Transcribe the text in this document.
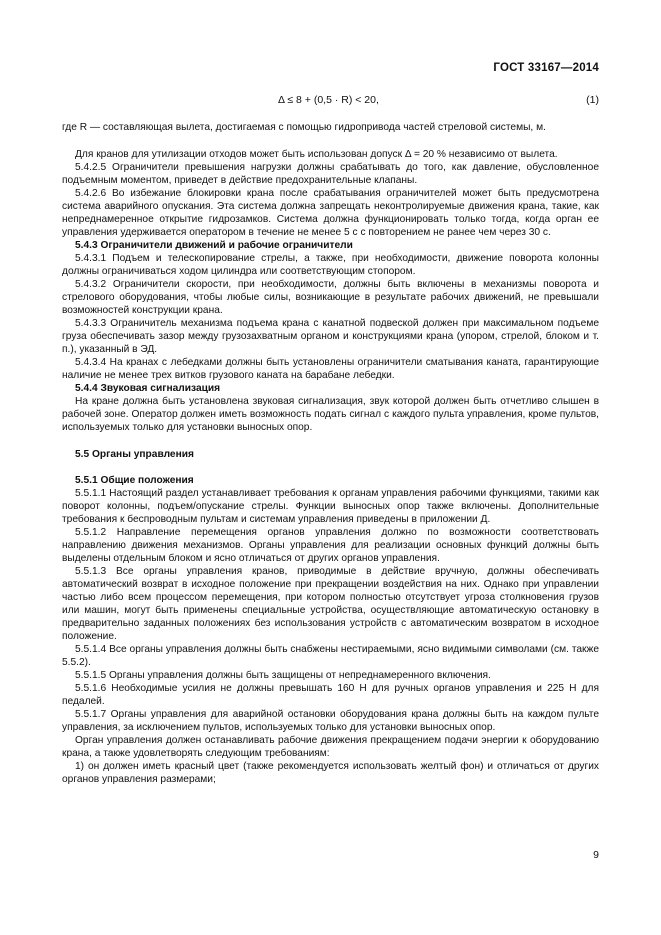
ГОСТ 33167—2014
Δ ≤ 8 + (0,5 · R) < 20,	(1)

где R — составляющая вылета, достигаемая с помощью гидропривода частей стреловой системы, м.

Для кранов для утилизации отходов может быть использован допуск Δ = 20 % независимо от вылета.

5.4.2.5 Ограничители превышения нагрузки должны срабатывать до того, как давление, обусловленное подъемным моментом, приведет в действие предохранительные клапаны.

5.4.2.6 Во избежание блокировки крана после срабатывания ограничителей может быть предусмотрена система аварийного опускания. Эта система должна запрещать неконтролируемые движения крана, такие, как непреднамеренное открытие гидрозамков. Система должна функционировать только тогда, когда орган ее управления удерживается оператором в течение не менее 5 с с повторением не ранее чем через 30 с.

5.4.3 Ограничители движений и рабочие ограничители

5.4.3.1 Подъем и телескопирование стрелы, а также, при необходимости, движение поворота колонны должны ограничиваться ходом цилиндра или соответствующим стопором.

5.4.3.2 Ограничители скорости, при необходимости, должны быть включены в механизмы поворота и стрелового оборудования, чтобы любые силы, возникающие в результате рабочих движений, не превышали возможностей конструкции крана.

5.4.3.3 Ограничитель механизма подъема крана с канатной подвеской должен при максимальном подъеме груза обеспечивать зазор между грузозахватным органом и конструкциями крана (упором, стрелой, блоком и т. п.), указанный в ЭД.

5.4.3.4 На кранах с лебедками должны быть установлены ограничители сматывания каната, гарантирующие наличие не менее трех витков грузового каната на барабане лебедки.

5.4.4 Звуковая сигнализация

На кране должна быть установлена звуковая сигнализация, звук которой должен быть отчетливо слышен в рабочей зоне. Оператор должен иметь возможность подать сигнал с каждого пульта управления, кроме пультов, используемых только для установки выносных опор.

5.5 Органы управления

5.5.1 Общие положения

5.5.1.1 Настоящий раздел устанавливает требования к органам управления рабочими функциями, такими как поворот колонны, подъем/опускание стрелы. Функции выносных опор также включены. Дополнительные требования к беспроводным пультам и системам управления приведены в приложении Д.

5.5.1.2 Направление перемещения органов управления должно по возможности соответствовать направлению движения механизмов. Органы управления для реализации основных функций должны быть выделены отдельным блоком и ясно отличаться от других органов управления.

5.5.1.3 Все органы управления кранов, приводимые в действие вручную, должны обеспечивать автоматический возврат в исходное положение при прекращении воздействия на них. Однако при управлении частью либо всем процессом перемещения, при котором полностью отсутствует угроза столкновения грузов или машин, могут быть применены специальные устройства, осуществляющие автоматическую остановку в предварительно заданных положениях без использования устройств с автоматическим возвратом в исходное положение.

5.5.1.4 Все органы управления должны быть снабжены нестираемыми, ясно видимыми символами (см. также 5.5.2).

5.5.1.5 Органы управления должны быть защищены от непреднамеренного включения.

5.5.1.6 Необходимые усилия не должны превышать 160 Н для ручных органов управления и 225 Н для педалей.

5.5.1.7 Органы управления для аварийной остановки оборудования крана должны быть на каждом пульте управления, за исключением пультов, используемых только для установки выносных опор.

Орган управления должен останавливать рабочие движения прекращением подачи энергии к оборудованию крана, а также удовлетворять следующим требованиям:

1) он должен иметь красный цвет (также рекомендуется использовать желтый фон) и отличаться от других органов управления размерами;

9
